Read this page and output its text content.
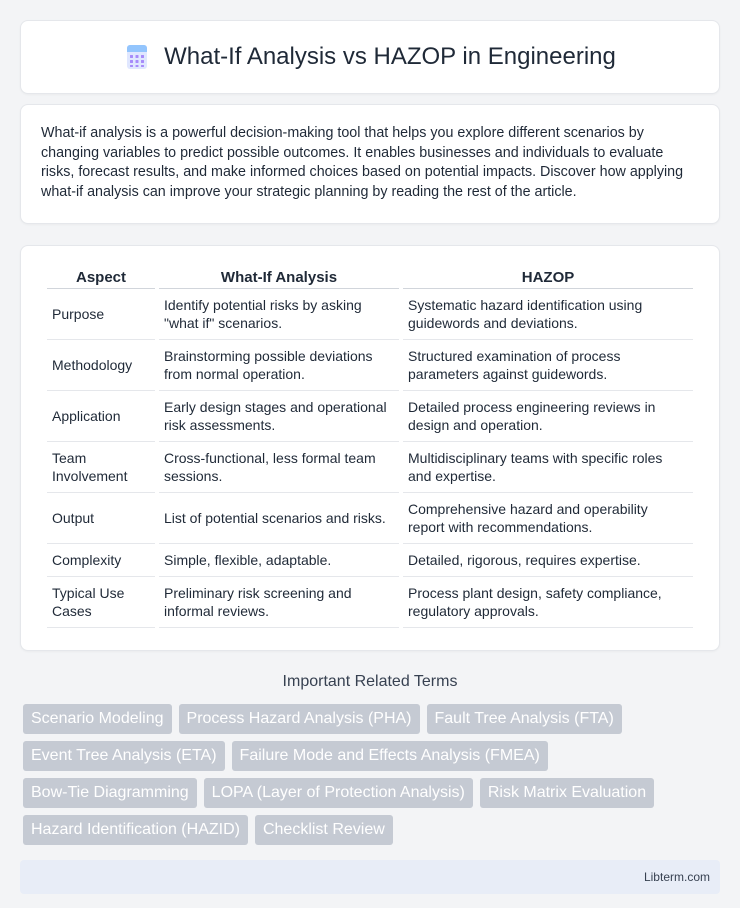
What-If Analysis vs HAZOP in Engineering

What-if analysis is a powerful decision-making tool that helps you explore different scenarios by changing variables to predict possible outcomes. It enables businesses and individuals to evaluate risks, forecast results, and make informed choices based on potential impacts. Discover how applying what-if analysis can improve your strategic planning by reading the rest of the article.

Aspect	What-If Analysis	HAZOP
Purpose	Identify potential risks by asking "what if" scenarios.	Systematic hazard identification using guidewords and deviations.
Methodology	Brainstorming possible deviations from normal operation.	Structured examination of process parameters against guidewords.
Application	Early design stages and operational risk assessments.	Detailed process engineering reviews in design and operation.
Team Involvement	Cross-functional, less formal team sessions.	Multidisciplinary teams with specific roles and expertise.
Output	List of potential scenarios and risks.	Comprehensive hazard and operability report with recommendations.
Complexity	Simple, flexible, adaptable.	Detailed, rigorous, requires expertise.
Typical Use Cases	Preliminary risk screening and informal reviews.	Process plant design, safety compliance, regulatory approvals.
Important Related Terms
Scenario Modeling	Process Hazard Analysis (PHA)	Fault Tree Analysis (FTA)
Event Tree Analysis (ETA)	Failure Mode and Effects Analysis (FMEA)
Bow-Tie Diagramming	LOPA (Layer of Protection Analysis)	Risk Matrix Evaluation
Hazard Identification (HAZID)	Checklist Review
Libterm.com
